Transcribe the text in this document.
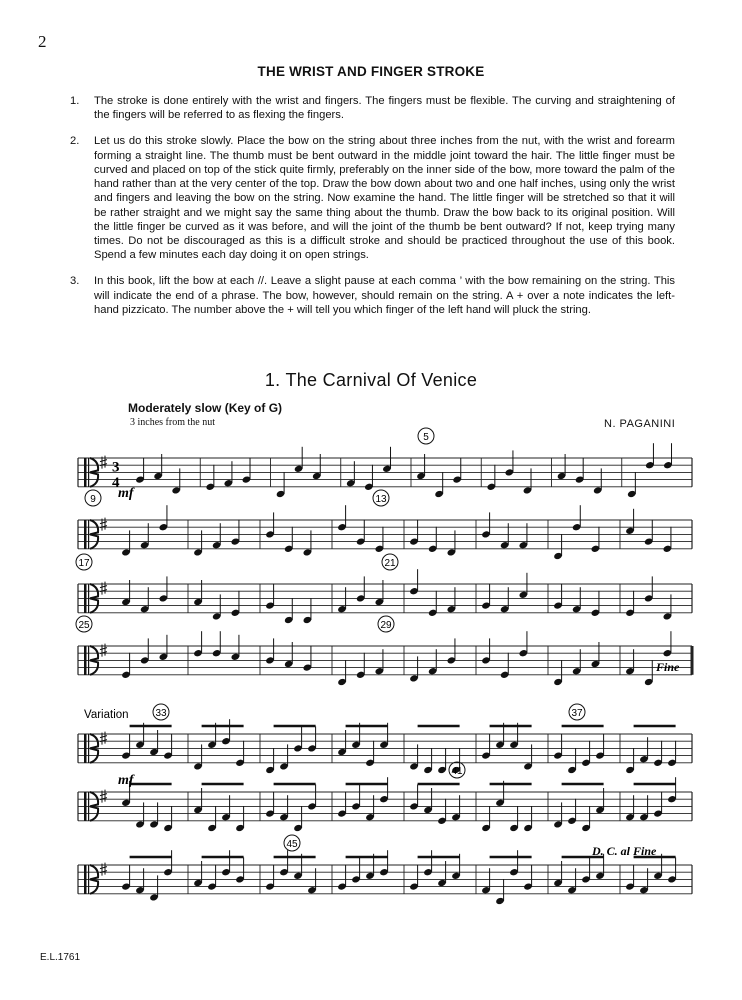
2
THE WRIST AND FINGER STROKE

1. The stroke is done entirely with the wrist and fingers. The fingers must be flexible. The curving and straightening of the fingers will be referred to as flexing the fingers.

2. Let us do this stroke slowly. Place the bow on the string about three inches from the nut, with the wrist and forearm forming a straight line. The thumb must be bent outward in the middle joint toward the hair. The little finger must be curved and placed on top of the stick quite firmly, preferably on the inner side of the bow, more toward the palm of the hand rather than at the very center of the top. Draw the bow down about two and one half inches, using only the wrist and fingers and leaving the bow on the string. Now examine the hand. The little finger will be stretched so that it will be rather straight and we might say the same thing about the thumb. Draw the bow back to its original position. Will the little finger be curved as it was before, and will the joint of the thumb be bent outward? If not, keep trying many times. Do not be discouraged as this is a difficult stroke and should be practiced throughout the use of this book. Spend a few minutes each day doing it on open strings.

3. In this book, lift the bow at each //. Leave a slight pause at each comma ’ with the bow remaining on the string. This will indicate the end of a phrase. The bow, however, should remain on the string. A + over a note indicates the left-hand pizzicato. The number above the + will tell you which finger of the left hand will pluck the string.

1. The Carnival Of Venice
Moderately slow (Key of G)
3 inches from the nut	N. PAGANINI
3
4
5
9	13
17	21
25	29
33	37
41
45
mf
Variation
mf
Fine
D. C. al Fine
E.L.1761
